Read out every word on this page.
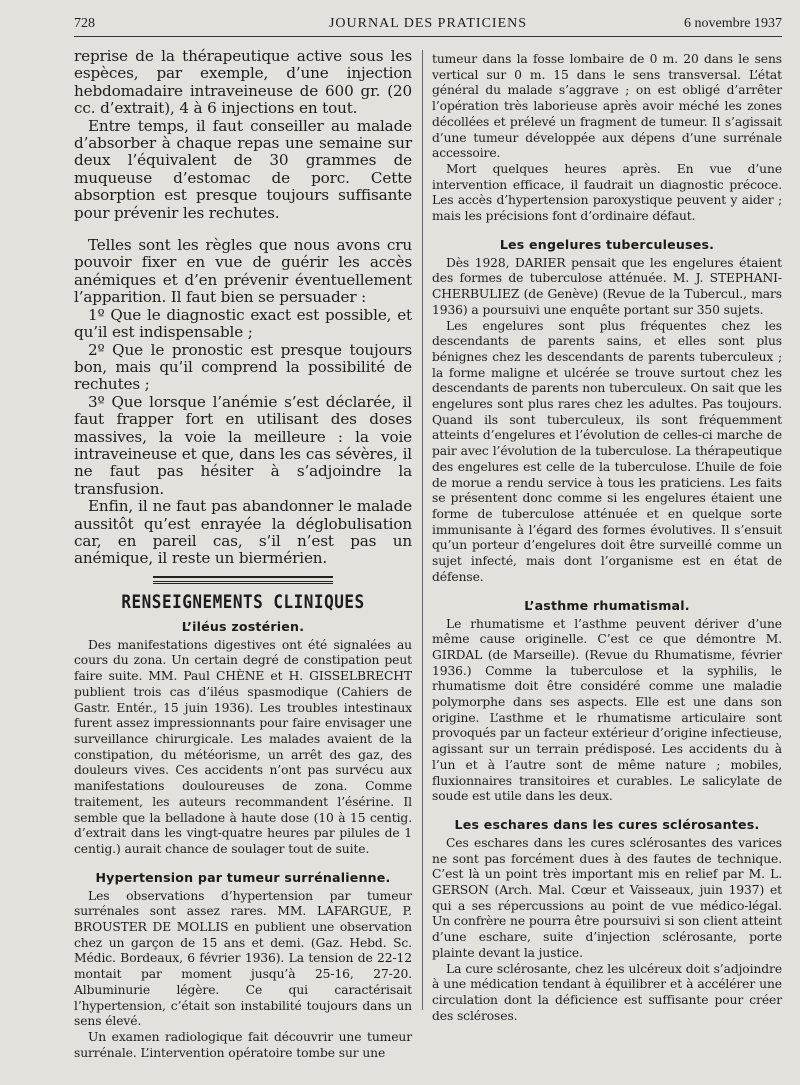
728	JOURNAL DES PRATICIENS	6 novembre 1937

reprise de la thérapeutique active sous les espèces, par exemple, d’une injection hebdomadaire intraveineuse de 600 gr. (20 cc. d’extrait), 4 à 6 injections en tout.

Entre temps, il faut conseiller au malade d’absorber à chaque repas une semaine sur deux l’équivalent de 30 grammes de muqueuse d’estomac de porc. Cette absorption est presque toujours suffisante pour prévenir les rechutes.

Telles sont les règles que nous avons cru pouvoir fixer en vue de guérir les accès anémiques et d’en prévenir éventuellement l’apparition. Il faut bien se persuader :

1º Que le diagnostic exact est possible, et qu’il est indispensable ;

2º Que le pronostic est presque toujours bon, mais qu’il comprend la possibilité de rechutes ;

3º Que lorsque l’anémie s’est déclarée, il faut frapper fort en utilisant des doses massives, la voie la meilleure : la voie intraveineuse et que, dans les cas sévères, il ne faut pas hésiter à s’adjoindre la transfusion.

Enfin, il ne faut pas abandonner le malade aussitôt qu’est enrayée la déglobulisation car, en pareil cas, s’il n’est pas un anémique, il reste un biermérien.

RENSEIGNEMENTS CLINIQUES
L’iléus zostérien.

Des manifestations digestives ont été signalées au cours du zona. Un certain degré de constipation peut faire suite. MM. Paul CHÈNE et H. GISSELBRECHT publient trois cas d’iléus spasmodique (Cahiers de Gastr. Entér., 15 juin 1936). Les troubles intestinaux furent assez impressionnants pour faire envisager une surveillance chirurgicale. Les malades avaient de la constipation, du météorisme, un arrêt des gaz, des douleurs vives. Ces accidents n’ont pas survécu aux manifestations douloureuses de zona. Comme traitement, les auteurs recommandent l’ésérine. Il semble que la belladone à haute dose (10 à 15 centig. d’extrait dans les vingt-quatre heures par pilules de 1 centig.) aurait chance de soulager tout de suite.

Hypertension par tumeur surrénalienne.

Les observations d’hypertension par tumeur surrénales sont assez rares. MM. LAFARGUE, P. BROUSTER DE MOLLIS en publient une observation chez un garçon de 15 ans et demi. (Gaz. Hebd. Sc. Médic. Bordeaux, 6 février 1936). La tension de 22-12 montait par moment jusqu’à 25-16, 27-20. Albuminurie légère. Ce qui caractérisait l’hypertension, c’était son instabilité toujours dans un sens élevé.

Un examen radiologique fait découvrir une tumeur surrénale. L’intervention opératoire tombe sur une

tumeur dans la fosse lombaire de 0 m. 20 dans le sens vertical sur 0 m. 15 dans le sens transversal. L’état général du malade s’aggrave ; on est obligé d’arrêter l’opération très laborieuse après avoir méché les zones décollées et prélevé un fragment de tumeur. Il s’agissait d’une tumeur développée aux dépens d’une surrénale accessoire.

Mort quelques heures après. En vue d’une intervention efficace, il faudrait un diagnostic précoce. Les accès d’hypertension paroxystique peuvent y aider ; mais les précisions font d’ordinaire défaut.

Les engelures tuberculeuses.

Dès 1928, DARIER pensait que les engelures étaient des formes de tuberculose atténuée. M. J. STEPHANI-CHERBULIEZ (de Genève) (Revue de la Tubercul., mars 1936) a poursuivi une enquête portant sur 350 sujets.

Les engelures sont plus fréquentes chez les descendants de parents sains, et elles sont plus bénignes chez les descendants de parents tuberculeux ; la forme maligne et ulcérée se trouve surtout chez les descendants de parents non tuberculeux. On sait que les engelures sont plus rares chez les adultes. Pas toujours. Quand ils sont tuberculeux, ils sont fréquemment atteints d’engelures et l’évolution de celles-ci marche de pair avec l’évolution de la tuberculose. La thérapeutique des engelures est celle de la tuberculose. L’huile de foie de morue a rendu service à tous les praticiens. Les faits se présentent donc comme si les engelures étaient une forme de tuberculose atténuée et en quelque sorte immunisante à l’égard des formes évolutives. Il s’ensuit qu’un porteur d’engelures doit être surveillé comme un sujet infecté, mais dont l’organisme est en état de défense.

L’asthme rhumatismal.

Le rhumatisme et l’asthme peuvent dériver d’une même cause originelle. C’est ce que démontre M. GIRDAL (de Marseille). (Revue du Rhumatisme, février 1936.) Comme la tuberculose et la syphilis, le rhumatisme doit être considéré comme une maladie polymorphe dans ses aspects. Elle est une dans son origine. L’asthme et le rhumatisme articulaire sont provoqués par un facteur extérieur d’origine infectieuse, agissant sur un terrain prédisposé. Les accidents du à l’un et à l’autre sont de même nature ; mobiles, fluxionnaires transitoires et curables. Le salicylate de soude est utile dans les deux.

Les eschares dans les cures sclérosantes.

Ces eschares dans les cures sclérosantes des varices ne sont pas forcément dues à des fautes de technique. C’est là un point très important mis en relief par M. L. GERSON (Arch. Mal. Cœur et Vaisseaux, juin 1937) et qui a ses répercussions au point de vue médico-légal. Un confrère ne pourra être poursuivi si son client atteint d’une eschare, suite d’injection sclérosante, porte plainte devant la justice.

La cure sclérosante, chez les ulcéreux doit s’adjoindre à une médication tendant à équilibrer et à accélérer une circulation dont la déficience est suffisante pour créer des scléroses.
